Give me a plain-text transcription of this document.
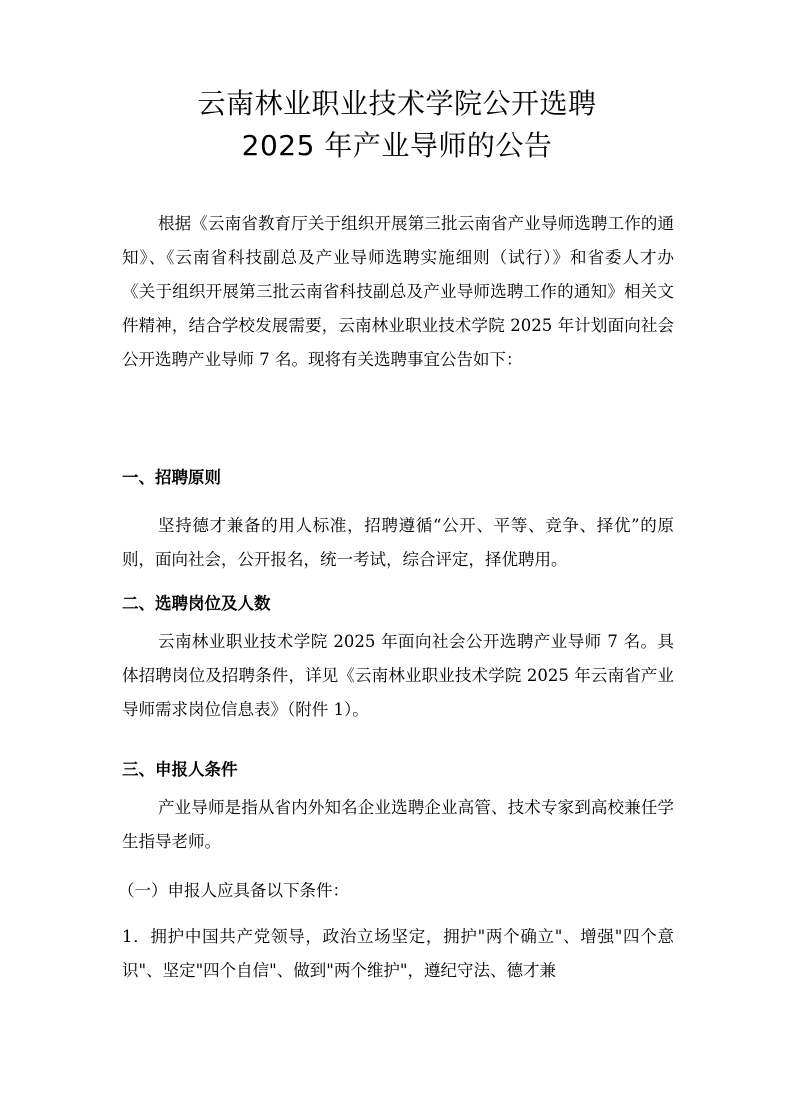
云南林业职业技术学院公开选聘
2025 年产业导师的公告
根据《云南省教育厅关于组织开展第三批云南省产业导师选聘工作的通知》、《云南省科技副总及产业导师选聘实施细则（试行）》和省委人才办《关于组织开展第三批云南省科技副总及产业导师选聘工作的通知》相关文件精神，结合学校发展需要，云南林业职业技术学院 2025 年计划面向社会公开选聘产业导师 7 名。现将有关选聘事宜公告如下：
一、招聘原则
坚持德才兼备的用人标准，招聘遵循“公开、平等、竞争、择优”的原则，面向社会，公开报名，统一考试，综合评定，择优聘用。
二、选聘岗位及人数
云南林业职业技术学院 2025 年面向社会公开选聘产业导师 7 名。具体招聘岗位及招聘条件，详见《云南林业职业技术学院 2025 年云南省产业导师需求岗位信息表》（附件 1）。
三、申报人条件
产业导师是指从省内外知名企业选聘企业高管、技术专家到高校兼任学生指导老师。
（一）申报人应具备以下条件：
1．拥护中国共产党领导，政治立场坚定，拥护"两个确立"、增强"四个意识"、坚定"四个自信"、做到"两个维护"，遵纪守法、德才兼
